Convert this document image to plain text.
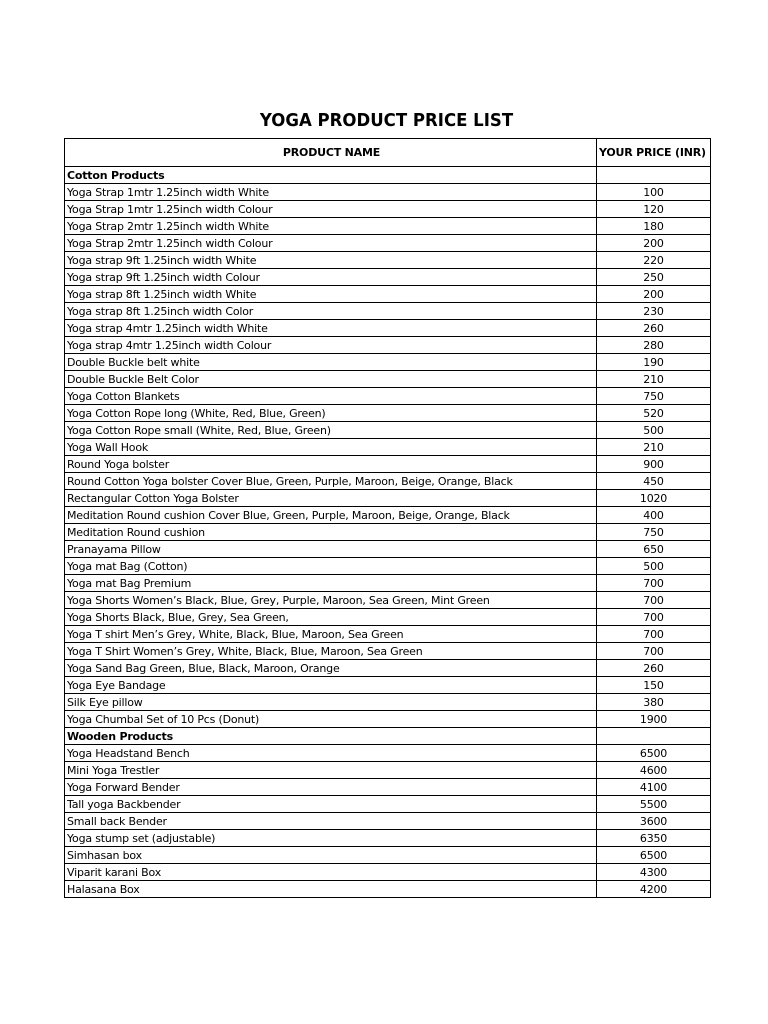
YOGA PRODUCT PRICE LIST
PRODUCT NAME	YOUR PRICE (INR)
Cotton Products	
Yoga Strap 1mtr 1.25inch width White	100
Yoga Strap 1mtr 1.25inch width Colour	120
Yoga Strap 2mtr 1.25inch width White	180
Yoga Strap 2mtr 1.25inch width Colour	200
Yoga strap 9ft 1.25inch width White	220
Yoga strap 9ft 1.25inch width Colour	250
Yoga strap 8ft 1.25inch width White	200
Yoga strap 8ft 1.25inch width Color	230
Yoga strap 4mtr 1.25inch width White	260
Yoga strap 4mtr 1.25inch width Colour	280
Double Buckle belt white	190
Double Buckle Belt Color	210
Yoga Cotton Blankets	750
Yoga Cotton Rope long (White, Red, Blue, Green)	520
Yoga Cotton Rope small (White, Red, Blue, Green)	500
Yoga Wall Hook	210
Round Yoga bolster	900
Round Cotton Yoga bolster Cover Blue, Green, Purple, Maroon, Beige, Orange, Black	450
Rectangular Cotton Yoga Bolster	1020
Meditation Round cushion Cover Blue, Green, Purple, Maroon, Beige, Orange, Black	400
Meditation Round cushion	750
Pranayama Pillow	650
Yoga mat Bag (Cotton)	500
Yoga mat Bag Premium	700
Yoga Shorts Women’s Black, Blue, Grey, Purple, Maroon, Sea Green, Mint Green	700
Yoga Shorts Black, Blue, Grey, Sea Green,	700
Yoga T shirt Men’s Grey, White, Black, Blue, Maroon, Sea Green	700
Yoga T Shirt Women’s Grey, White, Black, Blue, Maroon, Sea Green	700
Yoga Sand Bag Green, Blue, Black, Maroon, Orange	260
Yoga Eye Bandage	150
Silk Eye pillow	380
Yoga Chumbal Set of 10 Pcs (Donut)	1900
Wooden Products	
Yoga Headstand Bench	6500
Mini Yoga Trestler	4600
Yoga Forward Bender	4100
Tall yoga Backbender	5500
Small back Bender	3600
Yoga stump set (adjustable)	6350
Simhasan box	6500
Viparit karani Box	4300
Halasana Box	4200
